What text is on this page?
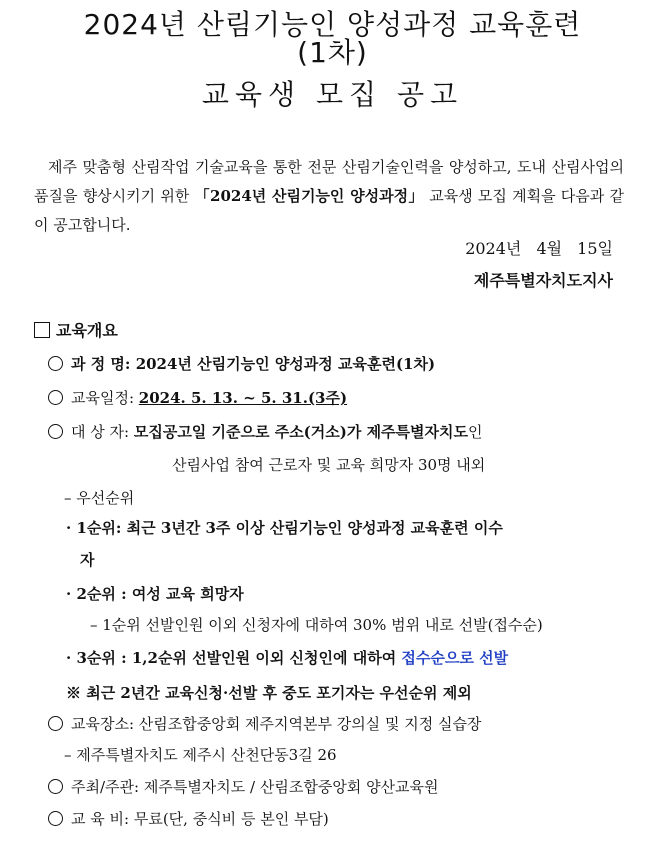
2024년 산림기능인 양성과정 교육훈련
(1차)
교육생 모집 공고

제주 맞춤형 산림작업 기술교육을 통한 전문 산림기술인력을 양성하고, 도내 산림사업의 품질을 향상시키기 위한 「2024년 산림기능인 양성과정」 교육생 모집 계획을 다음과 같이 공고합니다.

2024년 4월 15일
제주특별자치도지사
교육개요
과 정 명: 2024년 산림기능인 양성과정 교육훈련(1차)
교육일정: 2024. 5. 13. ~ 5. 31.(3주)
대 상 자: 모집공고일 기준으로 주소(거소)가 제주특별자치도인
산림사업 참여 근로자 및 교육 희망자 30명 내외
– 우선순위
· 1순위: 최근 3년간 3주 이상 산림기능인 양성과정 교육훈련 이수
자
· 2순위 : 여성 교육 희망자
– 1순위 선발인원 이외 신청자에 대하여 30% 범위 내로 선발(접수순)
· 3순위 : 1,2순위 선발인원 이외 신청인에 대하여 접수순으로 선발
※ 최근 2년간 교육신청·선발 후 중도 포기자는 우선순위 제외
교육장소: 산림조합중앙회 제주지역본부 강의실 및 지정 실습장
– 제주특별자치도 제주시 산천단동3길 26
주최/주관: 제주특별자치도 / 산림조합중앙회 양산교육원
교 육 비: 무료(단, 중식비 등 본인 부담)
